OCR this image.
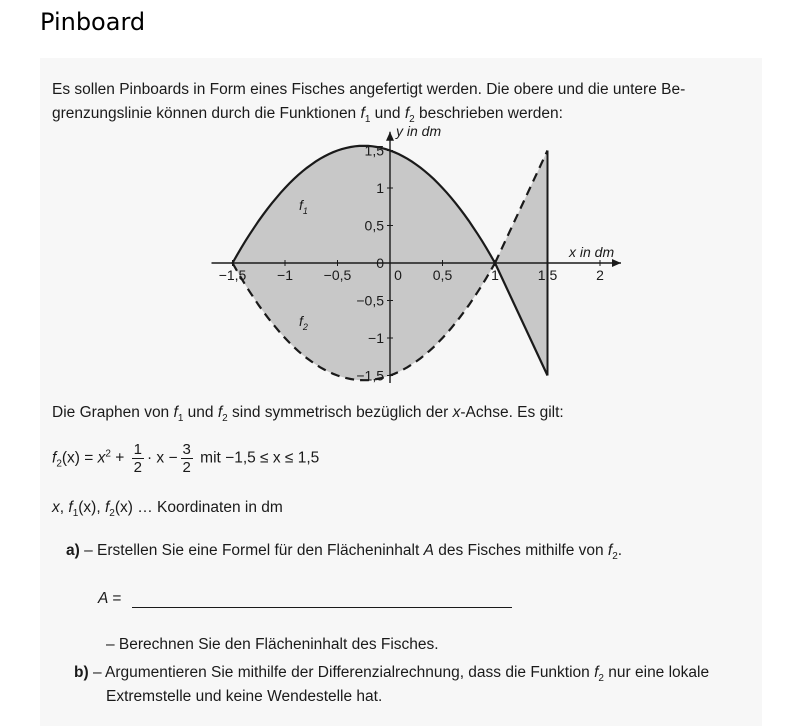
Pinboard
Es sollen Pinboards in Form eines Fisches angefertigt werden. Die obere und die untere Be-grenzungslinie können durch die Funktionen $f_1$ und $f_2$ beschrieben werden:
−1,5 −1 −0,5	0 0,5	1	1,5	2
1,5
1
0,5
0
−0,5
−1
−1,5
x in dm
y in dm
$f_1$
$f_2$
Die Graphen von $f_1$ und $f_2$ sind symmetrisch bezüglich der x-Achse. Es gilt:
$f_2(x) = x^2 + \frac{1}{2} \cdot x - \frac{3}{2}$ mit −1,5 ≤ x ≤ 1,5
x, $f_1(x)$, $f_2(x)$ … Koordinaten in dm
a) – Erstellen Sie eine Formel für den Flächeninhalt A des Fisches mithilfe von $f_2$.
A =
– Berechnen Sie den Flächeninhalt des Fisches.
b) – Argumentieren Sie mithilfe der Differenzialrechnung, dass die Funktion $f_2$ nur eine lokale
Extremstelle und keine Wendestelle hat.
